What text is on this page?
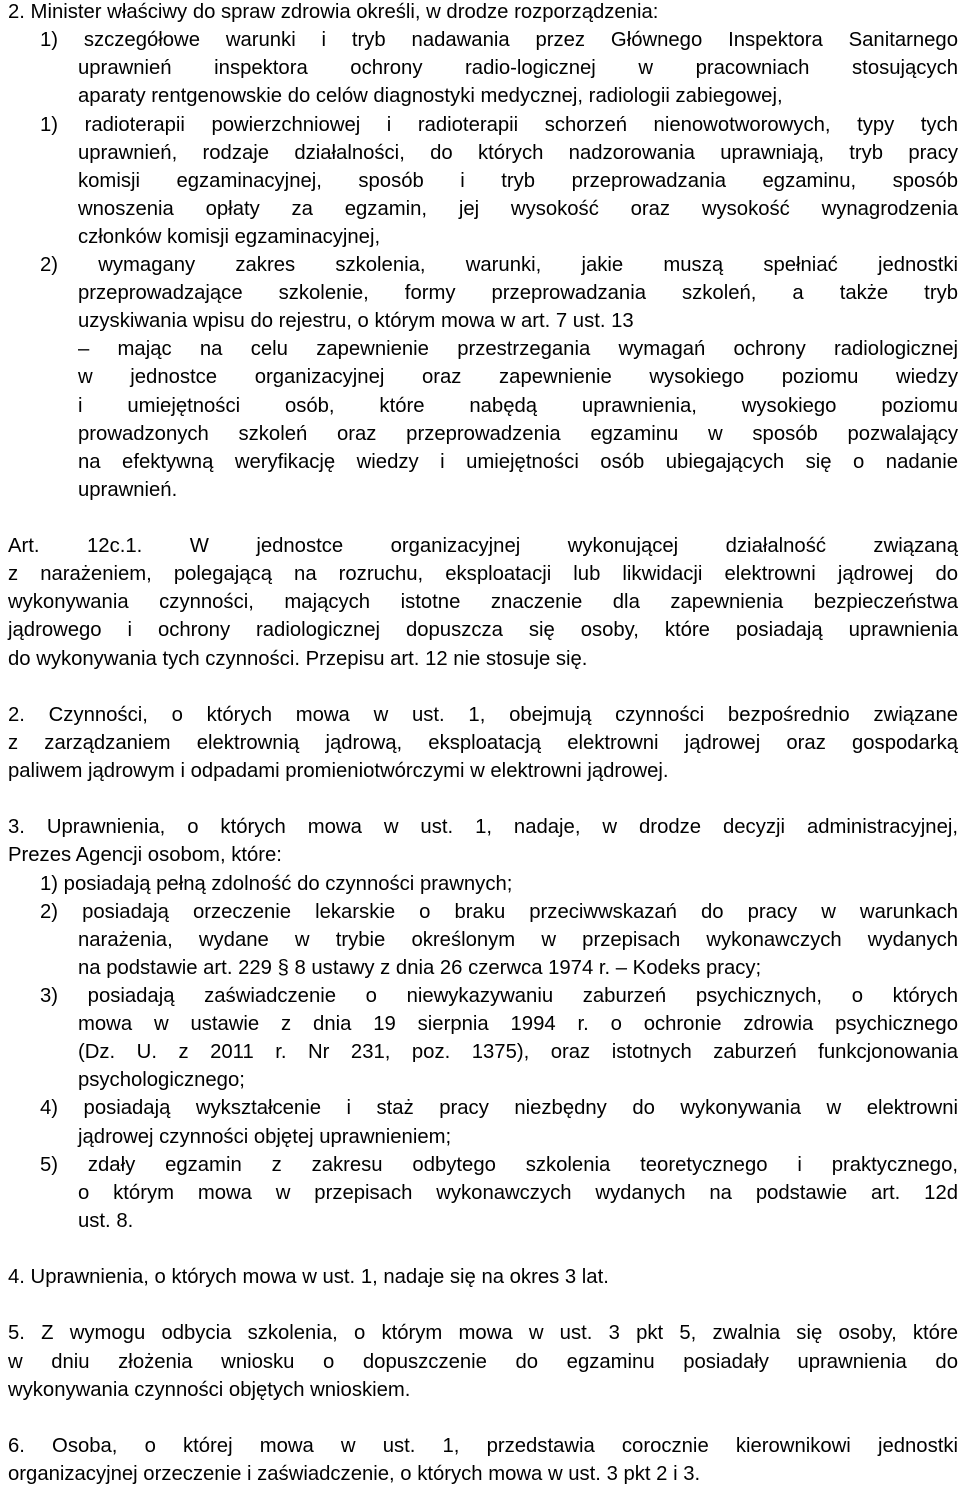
2. Minister właściwy do spraw zdrowia określi, w drodze rozporządzenia:
1) szczegółowe warunki i tryb nadawania przez Głównego Inspektora Sanitarnego
uprawnień inspektora ochrony radio-logicznej w pracowniach stosujących
aparaty rentgenowskie do celów diagnostyki medycznej, radiologii zabiegowej,
1) radioterapii powierzchniowej i radioterapii schorzeń nienowotworowych, typy tych
uprawnień, rodzaje działalności, do których nadzorowania uprawniają, tryb pracy
komisji egzaminacyjnej, sposób i tryb przeprowadzania egzaminu, sposób
wnoszenia opłaty za egzamin, jej wysokość oraz wysokość wynagrodzenia
członków komisji egzaminacyjnej,
2) wymagany zakres szkolenia, warunki, jakie muszą spełniać jednostki
przeprowadzające szkolenie, formy przeprowadzania szkoleń, a także tryb
uzyskiwania wpisu do rejestru, o którym mowa w art. 7 ust. 13
– mając na celu zapewnienie przestrzegania wymagań ochrony radiologicznej
w jednostce organizacyjnej oraz zapewnienie wysokiego poziomu wiedzy
i umiejętności osób, które nabędą uprawnienia, wysokiego poziomu
prowadzonych szkoleń oraz przeprowadzenia egzaminu w sposób pozwalający
na efektywną weryfikację wiedzy i umiejętności osób ubiegających się o nadanie
uprawnień.
Art. 12c.1. W jednostce organizacyjnej wykonującej działalność związaną
z narażeniem, polegającą na rozruchu, eksploatacji lub likwidacji elektrowni jądrowej do
wykonywania czynności, mających istotne znaczenie dla zapewnienia bezpieczeństwa
jądrowego i ochrony radiologicznej dopuszcza się osoby, które posiadają uprawnienia
do wykonywania tych czynności. Przepisu art. 12 nie stosuje się.
2. Czynności, o których mowa w ust. 1, obejmują czynności bezpośrednio związane
z zarządzaniem elektrownią jądrową, eksploatacją elektrowni jądrowej oraz gospodarką
paliwem jądrowym i odpadami promieniotwórczymi w elektrowni jądrowej.
3. Uprawnienia, o których mowa w ust. 1, nadaje, w drodze decyzji administracyjnej,
Prezes Agencji osobom, które:
1) posiadają pełną zdolność do czynności prawnych;
2) posiadają orzeczenie lekarskie o braku przeciwwskazań do pracy w warunkach
narażenia, wydane w trybie określonym w przepisach wykonawczych wydanych
na podstawie art. 229 § 8 ustawy z dnia 26 czerwca 1974 r. – Kodeks pracy;
3) posiadają zaświadczenie o niewykazywaniu zaburzeń psychicznych, o których
mowa w ustawie z dnia 19 sierpnia 1994 r. o ochronie zdrowia psychicznego
(Dz. U. z 2011 r. Nr 231, poz. 1375), oraz istotnych zaburzeń funkcjonowania
psychologicznego;
4) posiadają wykształcenie i staż pracy niezbędny do wykonywania w elektrowni
jądrowej czynności objętej uprawnieniem;
5) zdały egzamin z zakresu odbytego szkolenia teoretycznego i praktycznego,
o którym mowa w przepisach wykonawczych wydanych na podstawie art. 12d
ust. 8.
4. Uprawnienia, o których mowa w ust. 1, nadaje się na okres 3 lat.
5. Z wymogu odbycia szkolenia, o którym mowa w ust. 3 pkt 5, zwalnia się osoby, które
w dniu złożenia wniosku o dopuszczenie do egzaminu posiadały uprawnienia do
wykonywania czynności objętych wnioskiem.
6. Osoba, o której mowa w ust. 1, przedstawia corocznie kierownikowi jednostki
organizacyjnej orzeczenie i zaświadczenie, o których mowa w ust. 3 pkt 2 i 3.
